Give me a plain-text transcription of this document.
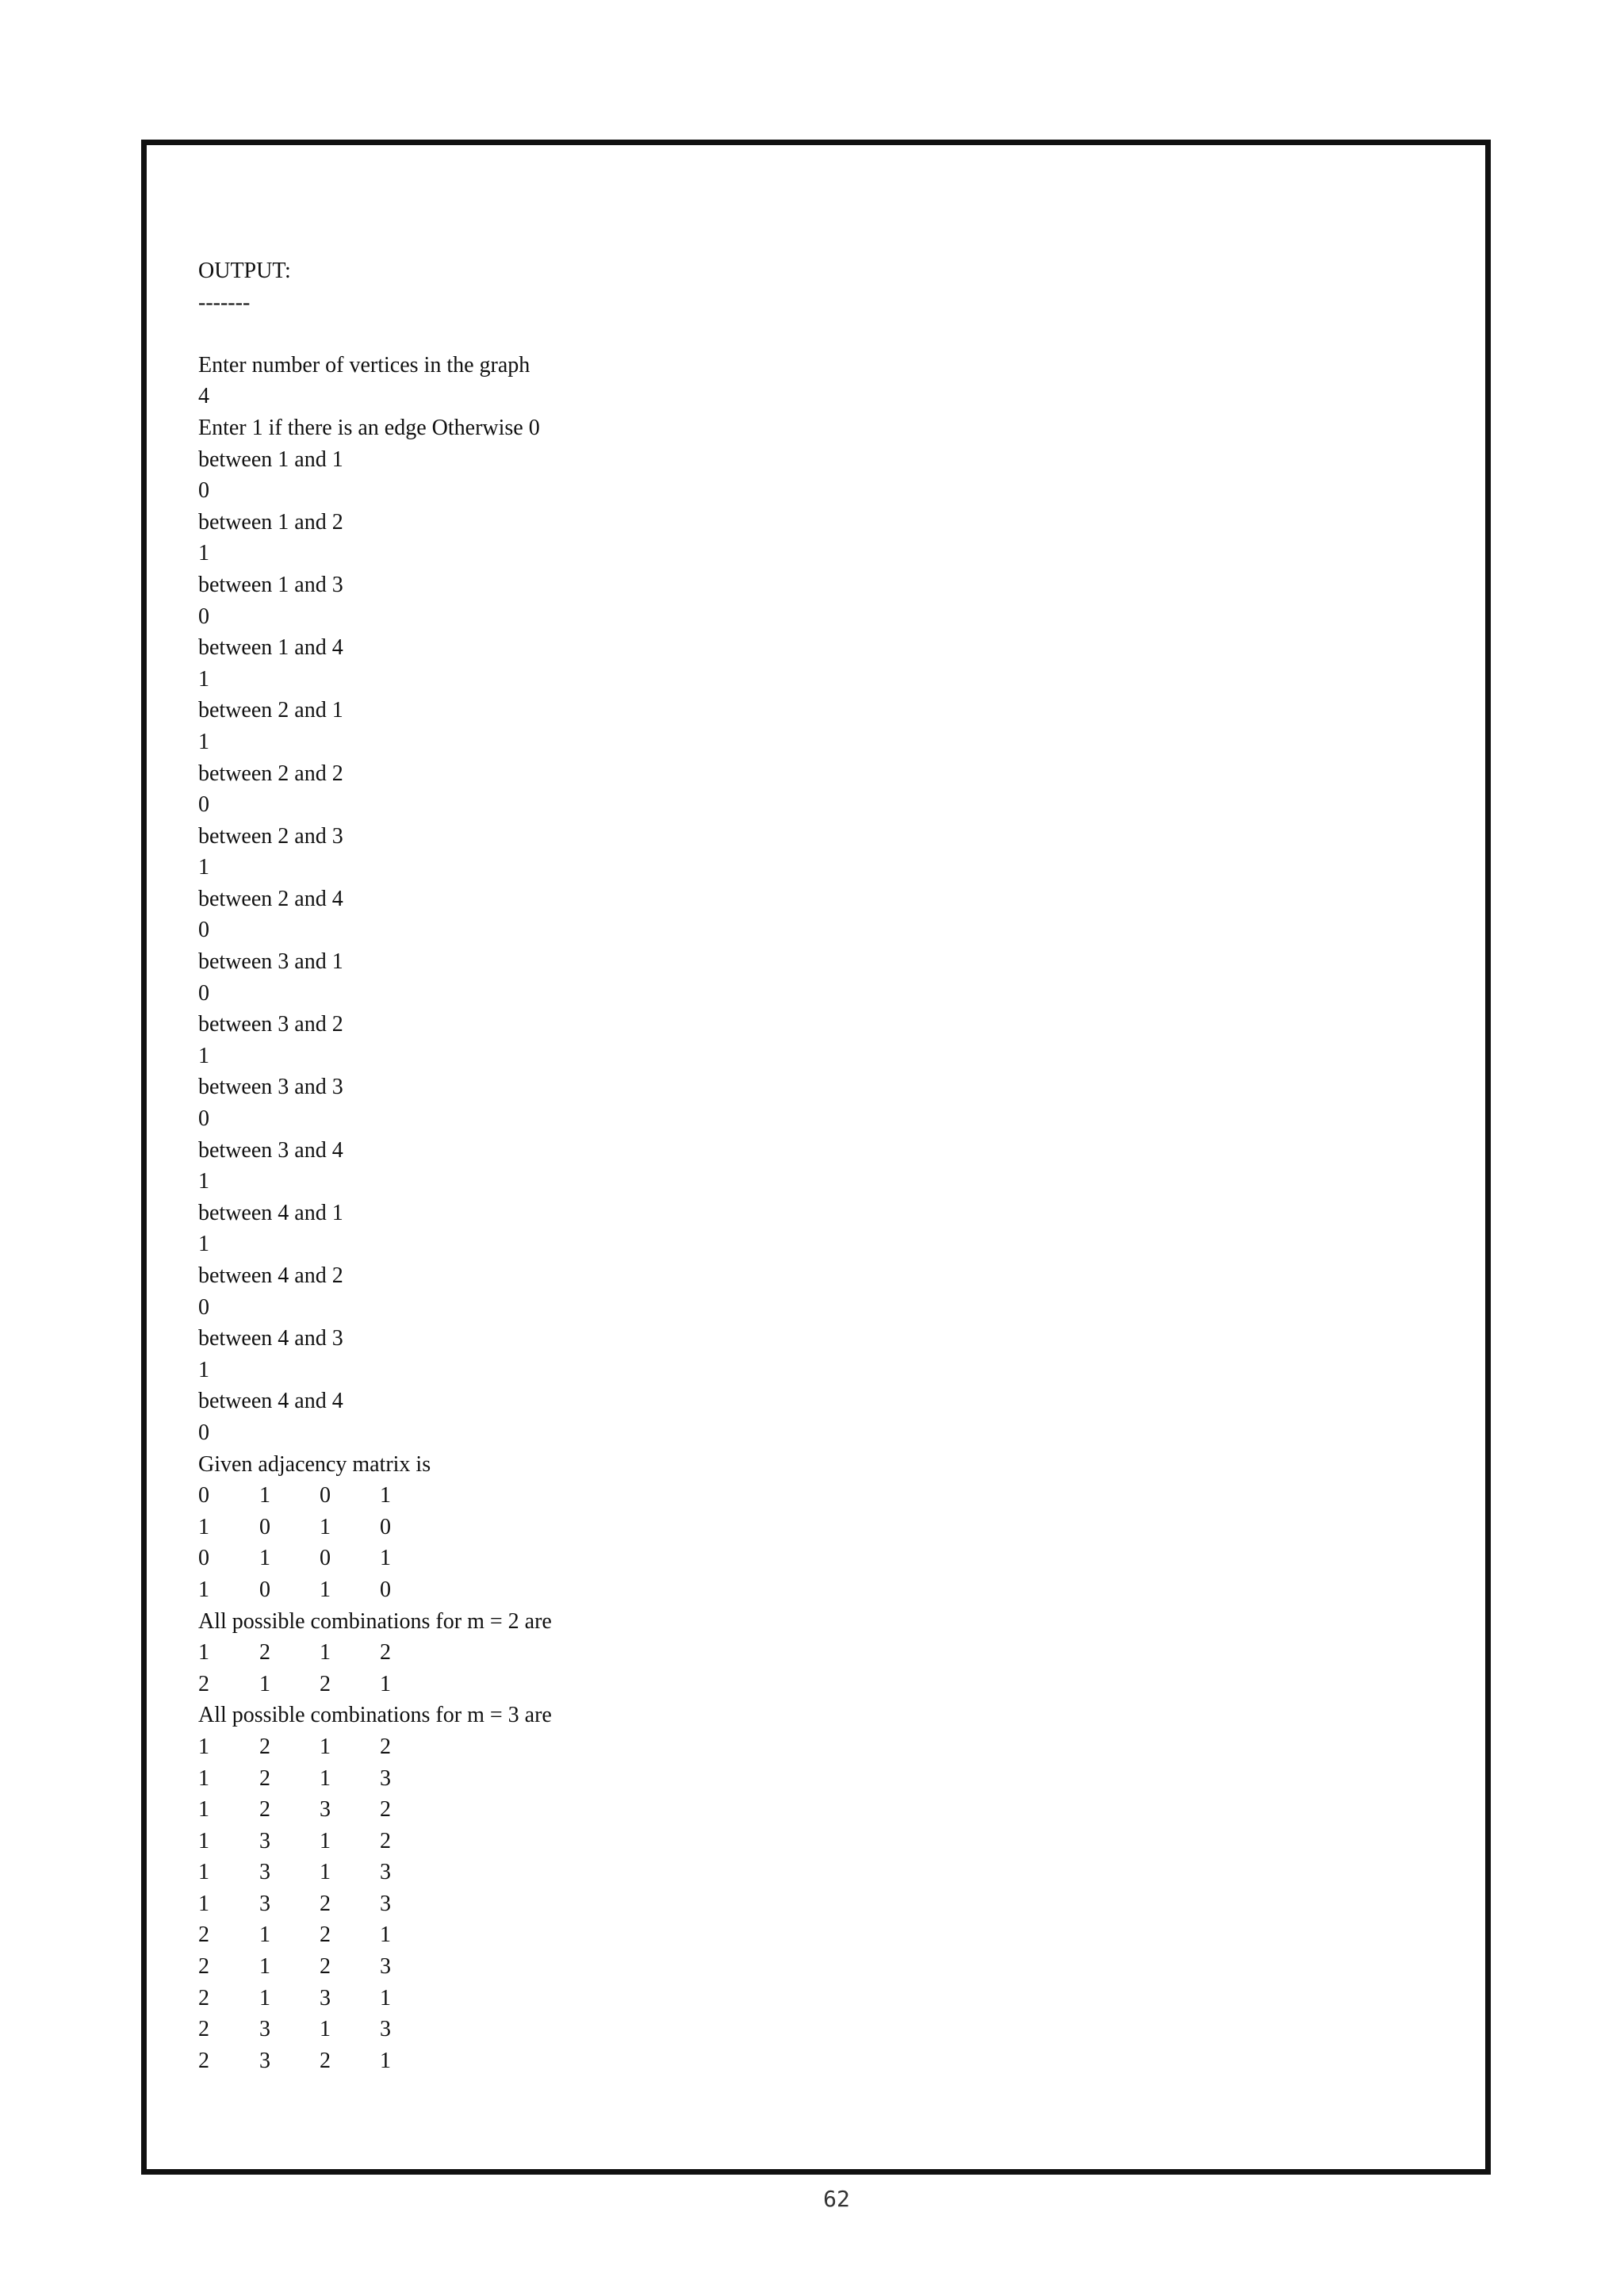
OUTPUT:
-------
Enter number of vertices in the graph
4
Enter 1 if there is an edge Otherwise 0
between 1 and 1
0
between 1 and 2
1
between 1 and 3
0
between 1 and 4
1
between 2 and 1
1
between 2 and 2
0
between 2 and 3
1
between 2 and 4
0
between 3 and 1
0
between 3 and 2
1
between 3 and 3
0
between 3 and 4
1
between 4 and 1
1
between 4 and 2
0
between 4 and 3
1
between 4 and 4
0
Given adjacency matrix is
0 1 0 1
1 0 1 0
0 1 0 1
1 0 1 0
All possible combinations for m = 2 are
1 2 1 2
2 1 2 1
All possible combinations for m = 3 are
1 2 1 2
1 2 1 3
1 2 3 2
1 3 1 2
1 3 1 3
1 3 2 3
2 1 2 1
2 1 2 3
2 1 3 1
2 3 1 3
2 3 2 1
62
